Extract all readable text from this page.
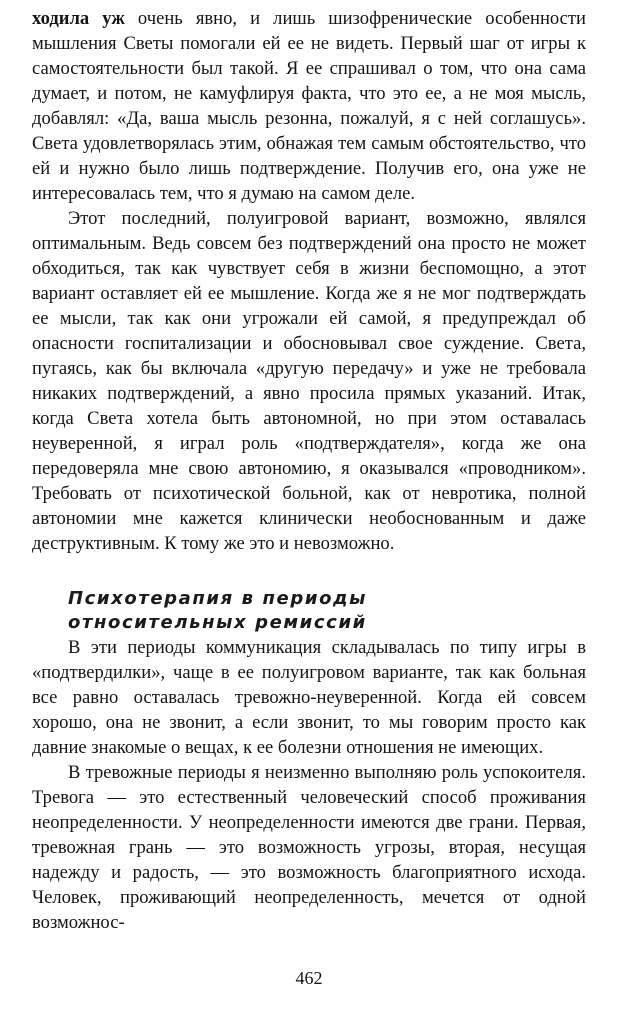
ходила уж очень явно, и лишь шизофренические особенности мышления Светы помогали ей ее не видеть. Первый шаг от игры к самостоятельности был такой. Я ее спрашивал о том, что она сама думает, и потом, не камуфлируя факта, что это ее, а не моя мысль, добавлял: «Да, ваша мысль резонна, пожалуй, я с ней соглашусь». Света удовлетворялась этим, обнажая тем самым обстоятельство, что ей и нужно было лишь подтверждение. Получив его, она уже не интересовалась тем, что я думаю на самом деле.

Этот последний, полуигровой вариант, возможно, являлся оптимальным. Ведь совсем без подтверждений она просто не может обходиться, так как чувствует себя в жизни беспомощно, а этот вариант оставляет ей ее мышление. Когда же я не мог подтверждать ее мысли, так как они угрожали ей самой, я предупреждал об опасности госпитализации и обосновывал свое суждение. Света, пугаясь, как бы включала «другую передачу» и уже не требовала никаких подтверждений, а явно просила прямых указаний. Итак, когда Света хотела быть автономной, но при этом оставалась неуверенной, я играл роль «подтверждателя», когда же она передоверяла мне свою автономию, я оказывался «проводником». Требовать от психотической больной, как от невротика, полной автономии мне кажется клинически необоснованным и даже деструктивным. К тому же это и невозможно.

Психотерапия в периоды
относительных ремиссий

В эти периоды коммуникация складывалась по типу игры в «подтвердилки», чаще в ее полуигровом варианте, так как больная все равно оставалась тревожно-неуверенной. Когда ей совсем хорошо, она не звонит, а если звонит, то мы говорим просто как давние знакомые о вещах, к ее болезни отношения не имеющих.

В тревожные периоды я неизменно выполняю роль успокоителя. Тревога — это естественный человеческий способ проживания неопределенности. У неопределенности имеются две грани. Первая, тревожная грань — это возможность угрозы, вторая, несущая надежду и радость, — это возможность благоприятного исхода. Человек, проживающий неопределенность, мечется от одной возможнос-

462
